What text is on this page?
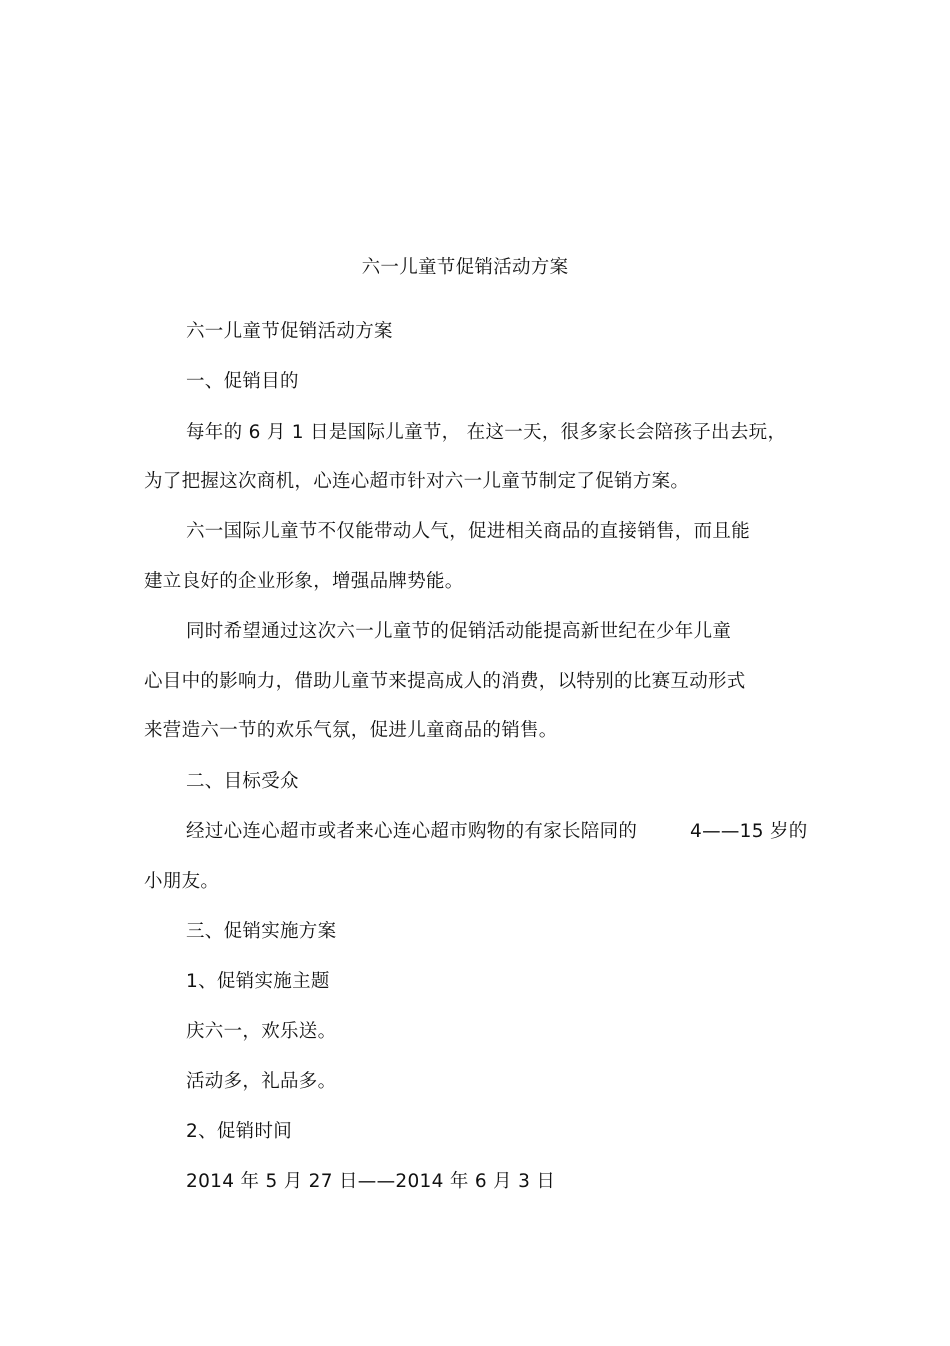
六一儿童节促销活动方案
六一儿童节促销活动方案
一、促销目的
每年的 6 月 1 日是国际儿童节， 在这一天，很多家长会陪孩子出去玩，
为了把握这次商机，心连心超市针对六一儿童节制定了促销方案。
六一国际儿童节不仅能带动人气，促进相关商品的直接销售，而且能
建立良好的企业形象，增强品牌势能。
同时希望通过这次六一儿童节的促销活动能提高新世纪在少年儿童
心目中的影响力，借助儿童节来提高成人的消费，以特别的比赛互动形式
来营造六一节的欢乐气氛，促进儿童商品的销售。
二、目标受众
经过心连心超市或者来心连心超市购物的有家长陪同的	4——15 岁的
小朋友。
三、促销实施方案
1、促销实施主题
庆六一，欢乐送。
活动多，礼品多。
2、促销时间
2014 年 5 月 27 日——2014 年 6 月 3 日
